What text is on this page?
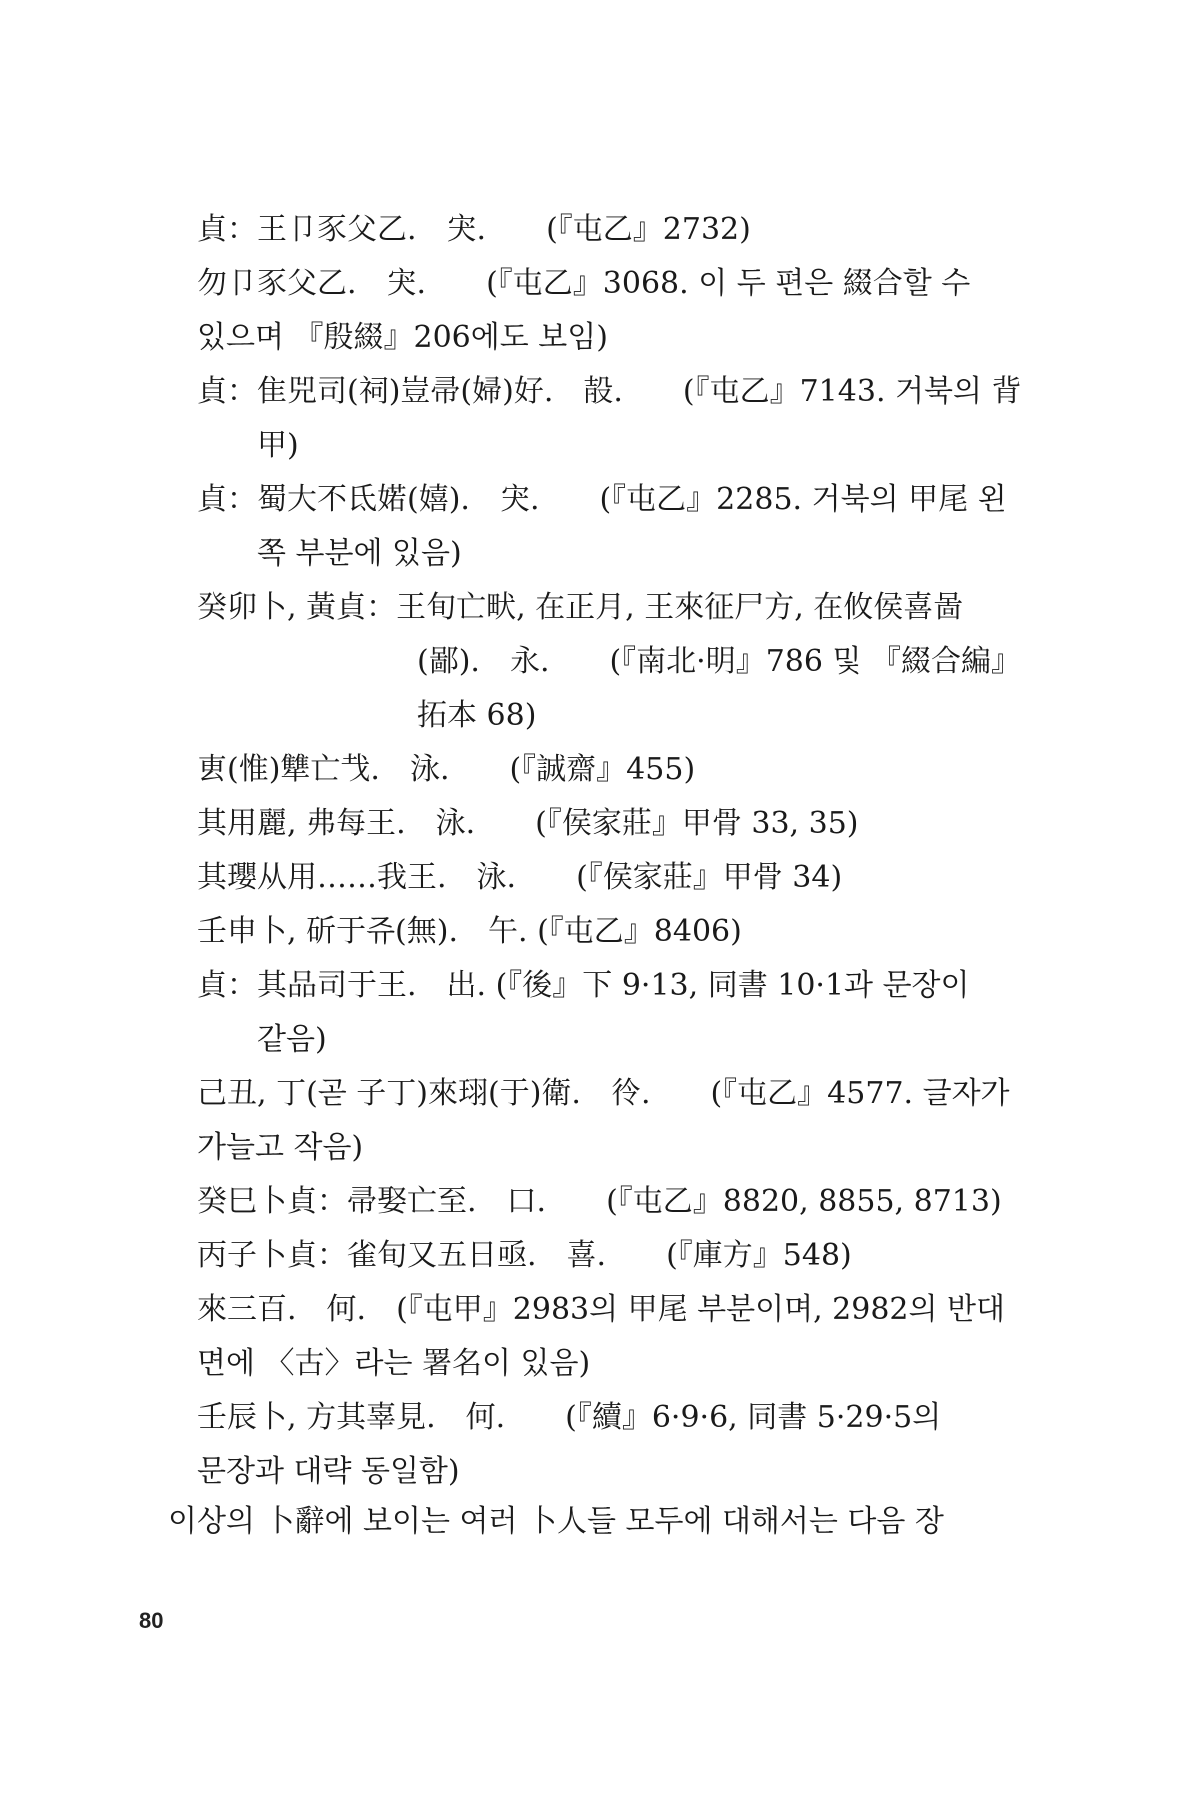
貞：王卩豕父乙.　宊.　　(『屯乙』2732)

勿卩豕父乙.　宊.　　(『屯乙』3068. 이 두 편은 綴合할 수

있으며 『殷綴』206에도 보임)

貞：隹兕司(祠)豈帚(婦)好.　㱿.　　(『屯乙』7143. 거북의 背

甲)

貞：蜀大不氐婼(嬉).　宊.　　(『屯乙』2285. 거북의 甲尾 왼

쪽 부분에 있음)

癸卯卜, 黃貞：王旬亡畎, 在正月, 王來征尸方, 在攸侯喜啚

(鄙).　永.　　(『南北·明』786 및 『綴合編』

拓本 68)

叀(惟)犨亡𢦏.　泳.　　(『誠齋』455)

其用麗, 弗每王.　泳.　　(『侯家莊』甲骨 33, 35)

其瓔从用……我王.　泳.　　(『侯家莊』甲骨 34)

壬申卜, 斫于쥬(無).　午. (『屯乙』8406)

貞：其品司于王.　出. (『後』下 9·13, 同書 10·1과 문장이

같음)

己丑, 丁(곧 子丁)來珝(于)衛.　彾.　　(『屯乙』4577. 글자가

가늘고 작음)

癸巳卜貞：帚娶亡至.　口.　　(『屯乙』8820, 8855, 8713)

丙子卜貞：雀旬又五日亟.　喜.　　(『庫方』548)

來三百.　何.　(『屯甲』2983의 甲尾 부분이며, 2982의 반대

면에 〈古〉라는 署名이 있음)

壬辰卜, 方其辜見.　何.　　(『續』6·9·6, 同書 5·29·5의

문장과 대략 동일함)

이상의 卜辭에 보이는 여러 卜人들 모두에 대해서는 다음 장

80
